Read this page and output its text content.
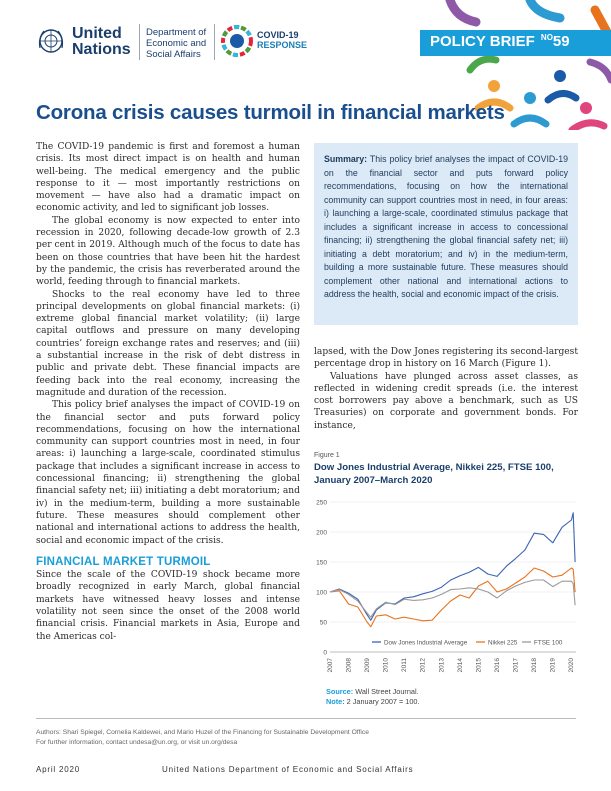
United
Nations
Department of
Economic and
Social Affairs
COVID-19
RESPONSE	POLICY BRIEF $^{NO}$59
Corona crisis causes turmoil in financial markets

The COVID-19 pandemic is first and foremost a human crisis. Its most direct impact is on health and human well-being. The medical emergency and the public response to it — most importantly restrictions on movement — have also had a dramatic impact on economic activity, and led to significant job losses.

The global economy is now expected to enter into recession in 2020, following decade-low growth of 2.3 per cent in 2019. Although much of the focus to date has been on those countries that have been hit the hardest by the pandemic, the crisis has reverberated around the world, feeding through to financial markets.

Shocks to the real economy have led to three principal developments on global financial markets: (i) extreme global financial market volatility; (ii) large capital outflows and pressure on many developing countries’ foreign exchange rates and reserves; and (iii) a substantial increase in the risk of debt distress in public and private debt. These financial impacts are feeding back into the real economy, increasing the magnitude and duration of the recession.

This policy brief analyses the impact of COVID-19 on the financial sector and puts forward policy recommendations, focusing on how the international community can support countries most in need, in four areas: i) launching a large-scale, coordinated stimulus package that includes a significant increase in access to concessional financing; ii) strengthening the global financial safety net; iii) initiating a debt moratorium; and iv) in the medium-term, building a more sustainable future. These measures should complement other national and international actions to address the health, social and economic impact of the crisis.

FINANCIAL MARKET TURMOIL

Since the scale of the COVID-19 shock became more broadly recognized in early March, global financial markets have witnessed heavy losses and intense volatility not seen since the onset of the 2008 world financial crisis. Financial markets in Asia, Europe and the Americas col-

Summary: This policy brief analyses the impact of COVID-19 on the financial sector and puts forward policy recommendations, focusing on how the international community can support countries most in need, in four areas: i) launching a large-scale, coordinated stimulus package that includes a significant increase in access to concessional financing; ii) strengthening the global financial safety net; iii) initiating a debt moratorium; and iv) in the medium-term, building a more sustainable future. These measures should complement other national and international actions to address the health, social and economic impact of the crisis.

lapsed, with the Dow Jones registering its second-largest percentage drop in history on 16 March (Figure 1).

Valuations have plunged across asset classes, as reflected in widening credit spreads (i.e. the interest cost borrowers pay above a benchmark, such as US Treasuries) on corporate and government bonds. For instance,

Figure 1
Dow Jones Industrial Average, Nikkei 225, FTSE 100, January 2007–March 2020
0
50
100
150
200
250
2007 2008 2009 2010 2011 2012 2013 2014 2015 2016 2017 2018 2019 2020
Dow Jones Industrial Average	Nikkei 225	FTSE 100
Source: Wall Street Journal.
Note: 2 January 2007 = 100.
Authors: Shari Spiegel, Cornelia Kaldewei, and Mario Huzel of the Financing for Sustainable Development Office
For further information, contact undesa@un.org, or visit un.org/desa
April 2020	United Nations Department of Economic and Social Affairs
